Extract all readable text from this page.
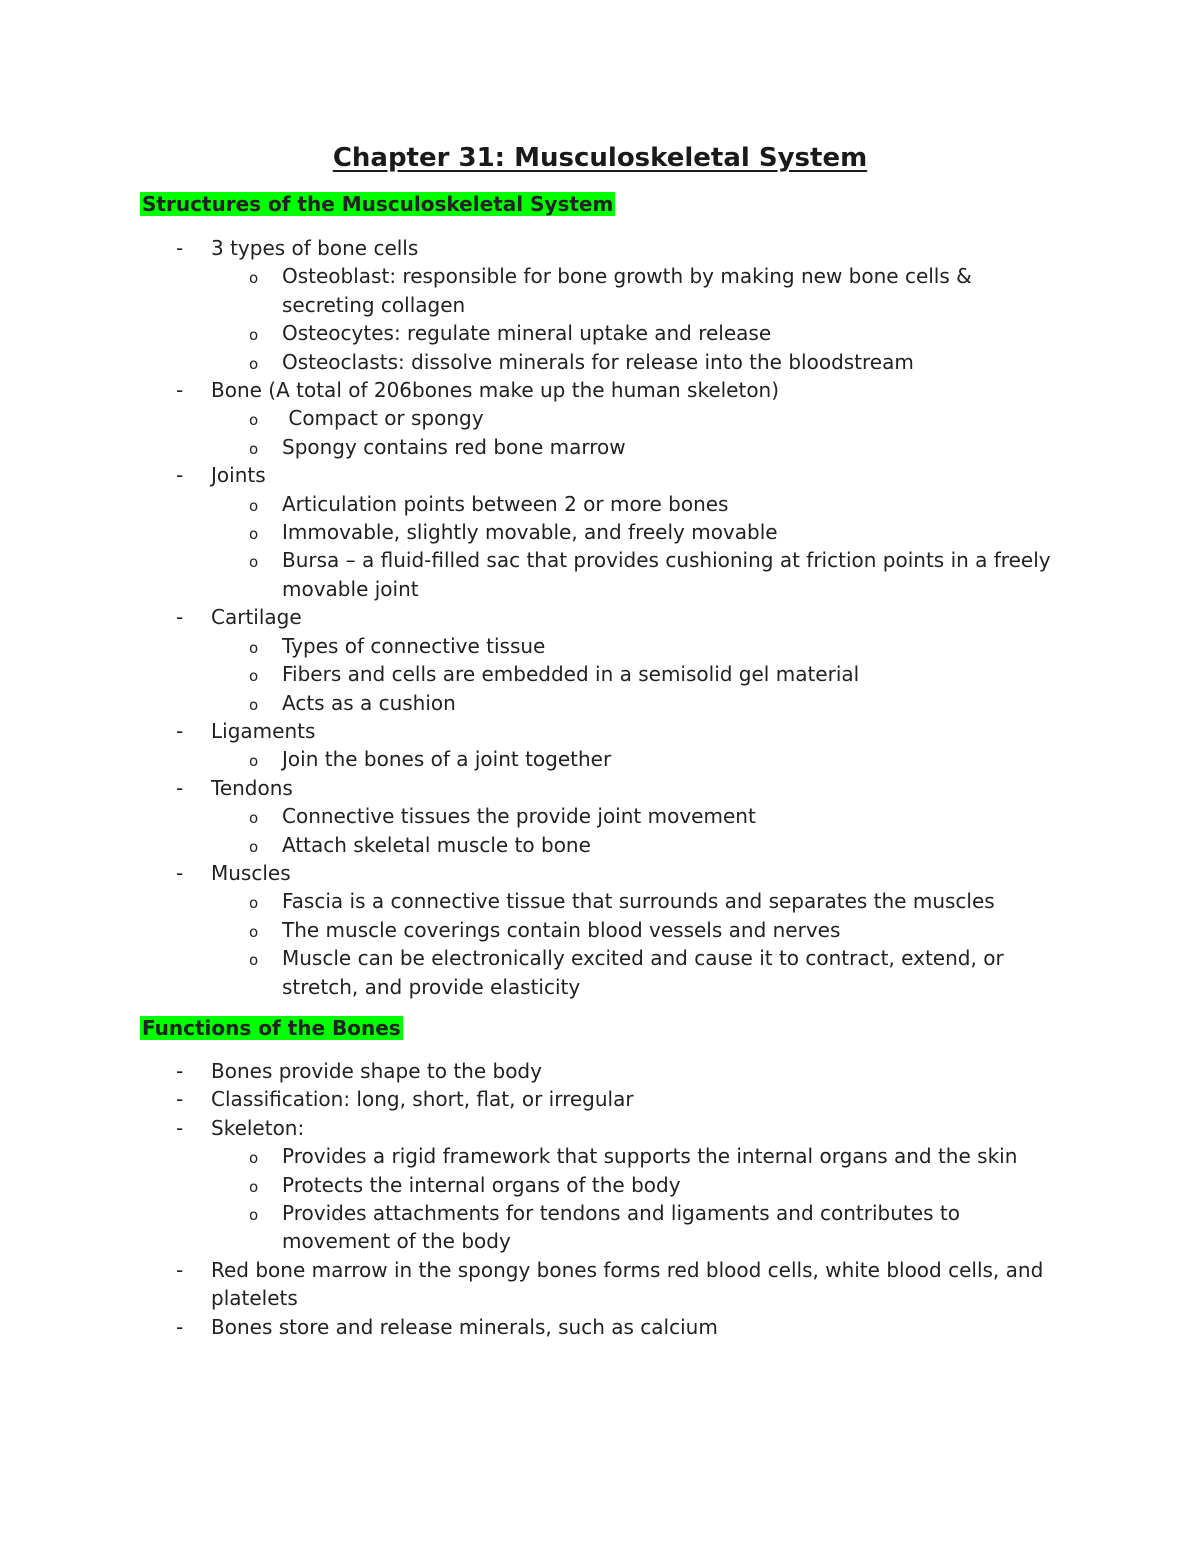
Chapter 31: Musculoskeletal System
Structures of the Musculoskeletal System
- 3 types of bone cells
o Osteoblast: responsible for bone growth by making new bone cells & secreting collagen
o Osteocytes: regulate mineral uptake and release
o Osteoclasts: dissolve minerals for release into the bloodstream
- Bone (A total of 206bones make up the human skeleton)
o Compact or spongy
o Spongy contains red bone marrow
- Joints
o Articulation points between 2 or more bones
o Immovable, slightly movable, and freely movable
o Bursa – a fluid-filled sac that provides cushioning at friction points in a freely movable joint
- Cartilage
o Types of connective tissue
o Fibers and cells are embedded in a semisolid gel material
o Acts as a cushion
- Ligaments
o Join the bones of a joint together
- Tendons
o Connective tissues the provide joint movement
o Attach skeletal muscle to bone
- Muscles
o Fascia is a connective tissue that surrounds and separates the muscles
o The muscle coverings contain blood vessels and nerves
o Muscle can be electronically excited and cause it to contract, extend, or stretch, and provide elasticity
Functions of the Bones
- Bones provide shape to the body
- Classification: long, short, flat, or irregular
- Skeleton:
o Provides a rigid framework that supports the internal organs and the skin
o Protects the internal organs of the body
o Provides attachments for tendons and ligaments and contributes to movement of the body
- Red bone marrow in the spongy bones forms red blood cells, white blood cells, and platelets
- Bones store and release minerals, such as calcium
